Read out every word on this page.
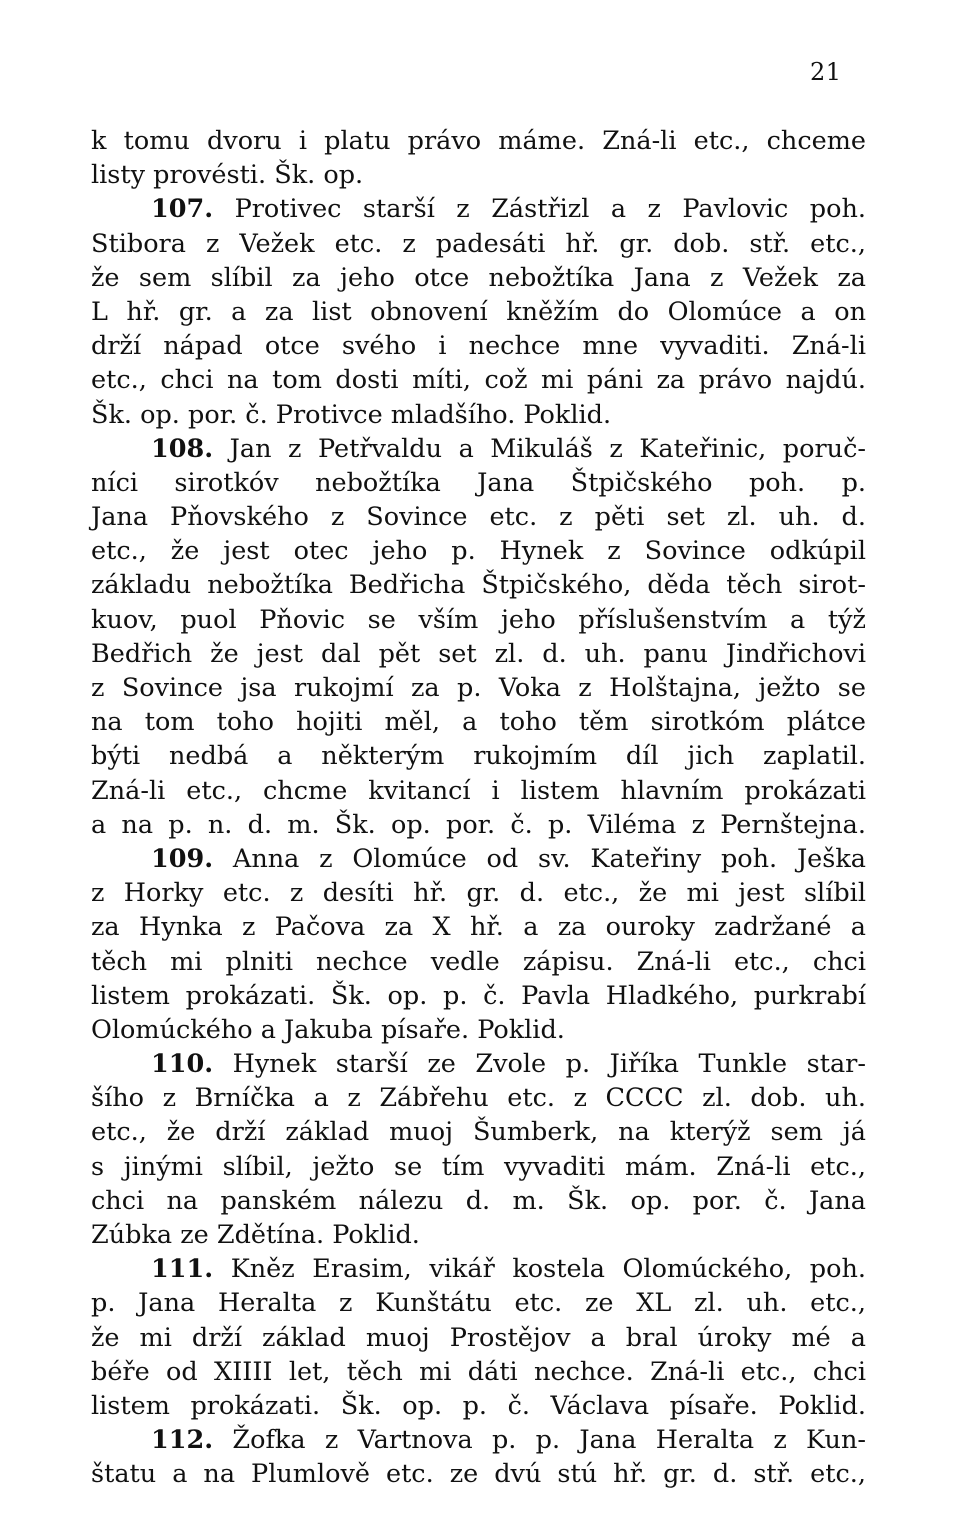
21
k tomu dvoru i platu právo máme. Zná-li etc., chceme
listy provésti. Šk. op.
107. Protivec starší z Zástřizl a z Pavlovic poh.
Stibora z Vežek etc. z padesáti hř. gr. dob. stř. etc.,
že sem slíbil za jeho otce nebožtíka Jana z Vežek za
L hř. gr. a za list obnovení kněžím do Olomúce a on
drží nápad otce svého i nechce mne vyvaditi. Zná-li
etc., chci na tom dosti míti, což mi páni za právo najdú.
Šk. op. por. č. Protivce mladšího. Poklid.
108. Jan z Petřvaldu a Mikuláš z Kateřinic, poruč-
níci sirotkóv nebožtíka Jana Štpičského poh. p.
Jana Pňovského z Sovince etc. z pěti set zl. uh. d.
etc., že jest otec jeho p. Hynek z Sovince odkúpil
základu nebožtíka Bedřicha Štpičského, děda těch sirot-
kuov, puol Pňovic se vším jeho příslušenstvím a týž
Bedřich že jest dal pět set zl. d. uh. panu Jindřichovi
z Sovince jsa rukojmí za p. Voka z Holštajna, ježto se
na tom toho hojiti měl, a toho těm sirotkóm plátce
býti nedbá a některým rukojmím díl jich zaplatil.
Zná-li etc., chcme kvitancí i listem hlavním prokázati
a na p. n. d. m. Šk. op. por. č. p. Viléma z Pernštejna.
109. Anna z Olomúce od sv. Kateřiny poh. Ješka
z Horky etc. z desíti hř. gr. d. etc., že mi jest slíbil
za Hynka z Pačova za X hř. a za ouroky zadržané a
těch mi plniti nechce vedle zápisu. Zná-li etc., chci
listem prokázati. Šk. op. p. č. Pavla Hladkého, purkrabí
Olomúckého a Jakuba písaře. Poklid.
110. Hynek starší ze Zvole p. Jiříka Tunkle star-
šího z Brníčka a z Zábřehu etc. z CCCC zl. dob. uh.
etc., že drží základ muoj Šumberk, na kterýž sem já
s jinými slíbil, ježto se tím vyvaditi mám. Zná-li etc.,
chci na panském nálezu d. m. Šk. op. por. č. Jana
Zúbka ze Zdětína. Poklid.
111. Kněz Erasim, vikář kostela Olomúckého, poh.
p. Jana Heralta z Kunštátu etc. ze XL zl. uh. etc.,
že mi drží základ muoj Prostějov a bral úroky mé a
béře od XIIII let, těch mi dáti nechce. Zná-li etc., chci
listem prokázati. Šk. op. p. č. Václava písaře. Poklid.
112. Žofka z Vartnova p. p. Jana Heralta z Kun-
štatu a na Plumlově etc. ze dvú stú hř. gr. d. stř. etc.,
